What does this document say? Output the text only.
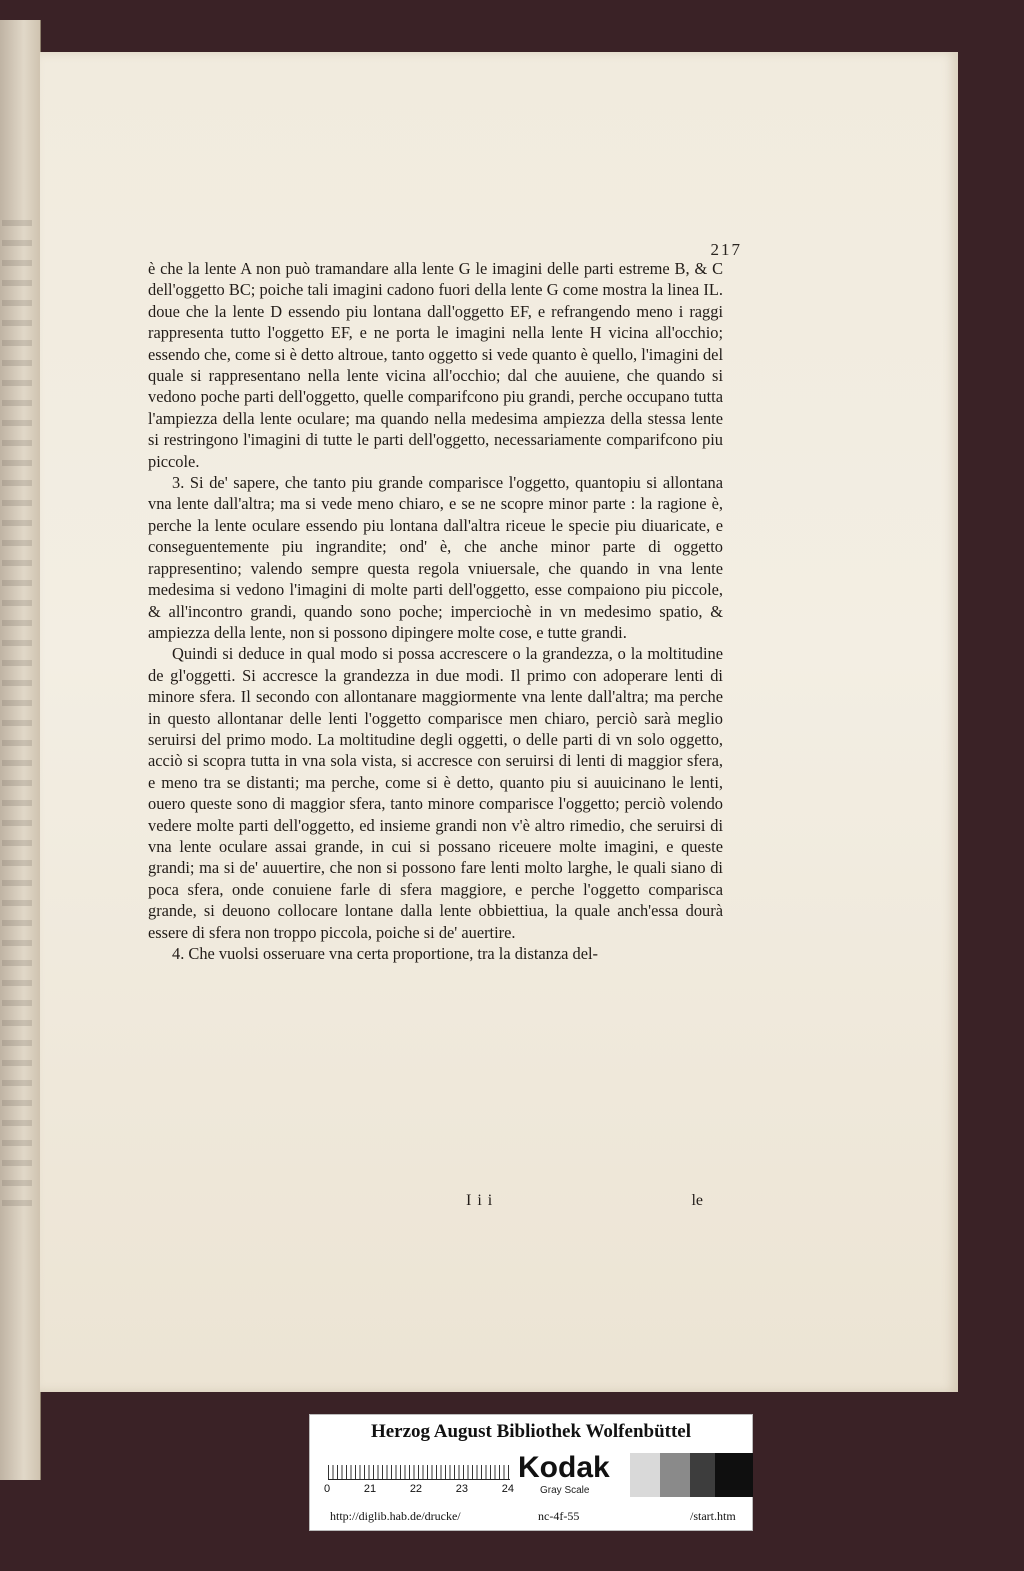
217

è che la lente A non può tramandare alla lente G le imagini delle parti estreme B, & C dell'oggetto BC; poiche tali imagini cadono fuori della lente G come mostra la linea IL. doue che la lente D essendo piu lontana dall'oggetto EF, e refrangendo meno i raggi rappresenta tutto l'oggetto EF, e ne porta le imagini nella lente H vicina all'occhio; essendo che, come si è detto altroue, tanto oggetto si vede quanto è quello, l'imagini del quale si rappresentano nella lente vicina all'occhio; dal che auuiene, che quando si vedono poche parti dell'oggetto, quelle comparifcono piu grandi, perche occupano tutta l'ampiezza della lente oculare; ma quando nella medesima ampiezza della stessa lente si restringono l'imagini di tutte le parti dell'oggetto, necessariamente comparifcono piu piccole.

3. Si de' sapere, che tanto piu grande comparisce l'oggetto, quantopiu si allontana vna lente dall'altra; ma si vede meno chiaro, e se ne scopre minor parte : la ragione è, perche la lente oculare essendo piu lontana dall'altra riceue le specie piu diuaricate, e conseguentemente piu ingrandite; ond' è, che anche minor parte di oggetto rappresentino; valendo sempre questa regola vniuersale, che quando in vna lente medesima si vedono l'imagini di molte parti dell'oggetto, esse compaiono piu piccole, & all'incontro grandi, quando sono poche; imperciochè in vn medesimo spatio, & ampiezza della lente, non si possono dipingere molte cose, e tutte grandi.

Quindi si deduce in qual modo si possa accrescere o la grandezza, o la moltitudine de gl'oggetti. Si accresce la grandezza in due modi. Il primo con adoperare lenti di minore sfera. Il secondo con allontanare maggiormente vna lente dall'altra; ma perche in questo allontanar delle lenti l'oggetto comparisce men chiaro, perciò sarà meglio seruirsi del primo modo. La moltitudine degli oggetti, o delle parti di vn solo oggetto, acciò si scopra tutta in vna sola vista, si accresce con seruirsi di lenti di maggior sfera, e meno tra se distanti; ma perche, come si è detto, quanto piu si auuicinano le lenti, ouero queste sono di maggior sfera, tanto minore comparisce l'oggetto; perciò volendo vedere molte parti dell'oggetto, ed insieme grandi non v'è altro rimedio, che seruirsi di vna lente oculare assai grande, in cui si possano riceuere molte imagini, e queste grandi; ma si de' auuertire, che non si possono fare lenti molto larghe, le quali siano di poca sfera, onde conuiene farle di sfera maggiore, e perche l'oggetto comparisca grande, si deuono collocare lontane dalla lente obbiettiua, la quale anch'essa dourà essere di sfera non troppo piccola, poiche si de' auertire.

4. Che vuolsi osseruare vna certa proportione, tra la distanza del-

Iii	le
Herzog August Bibliothek Wolfenbüttel
0	21	22	23	24
Kodak
Gray Scale
http://diglib.hab.de/drucke/	nc-4f-55	/start.htm
